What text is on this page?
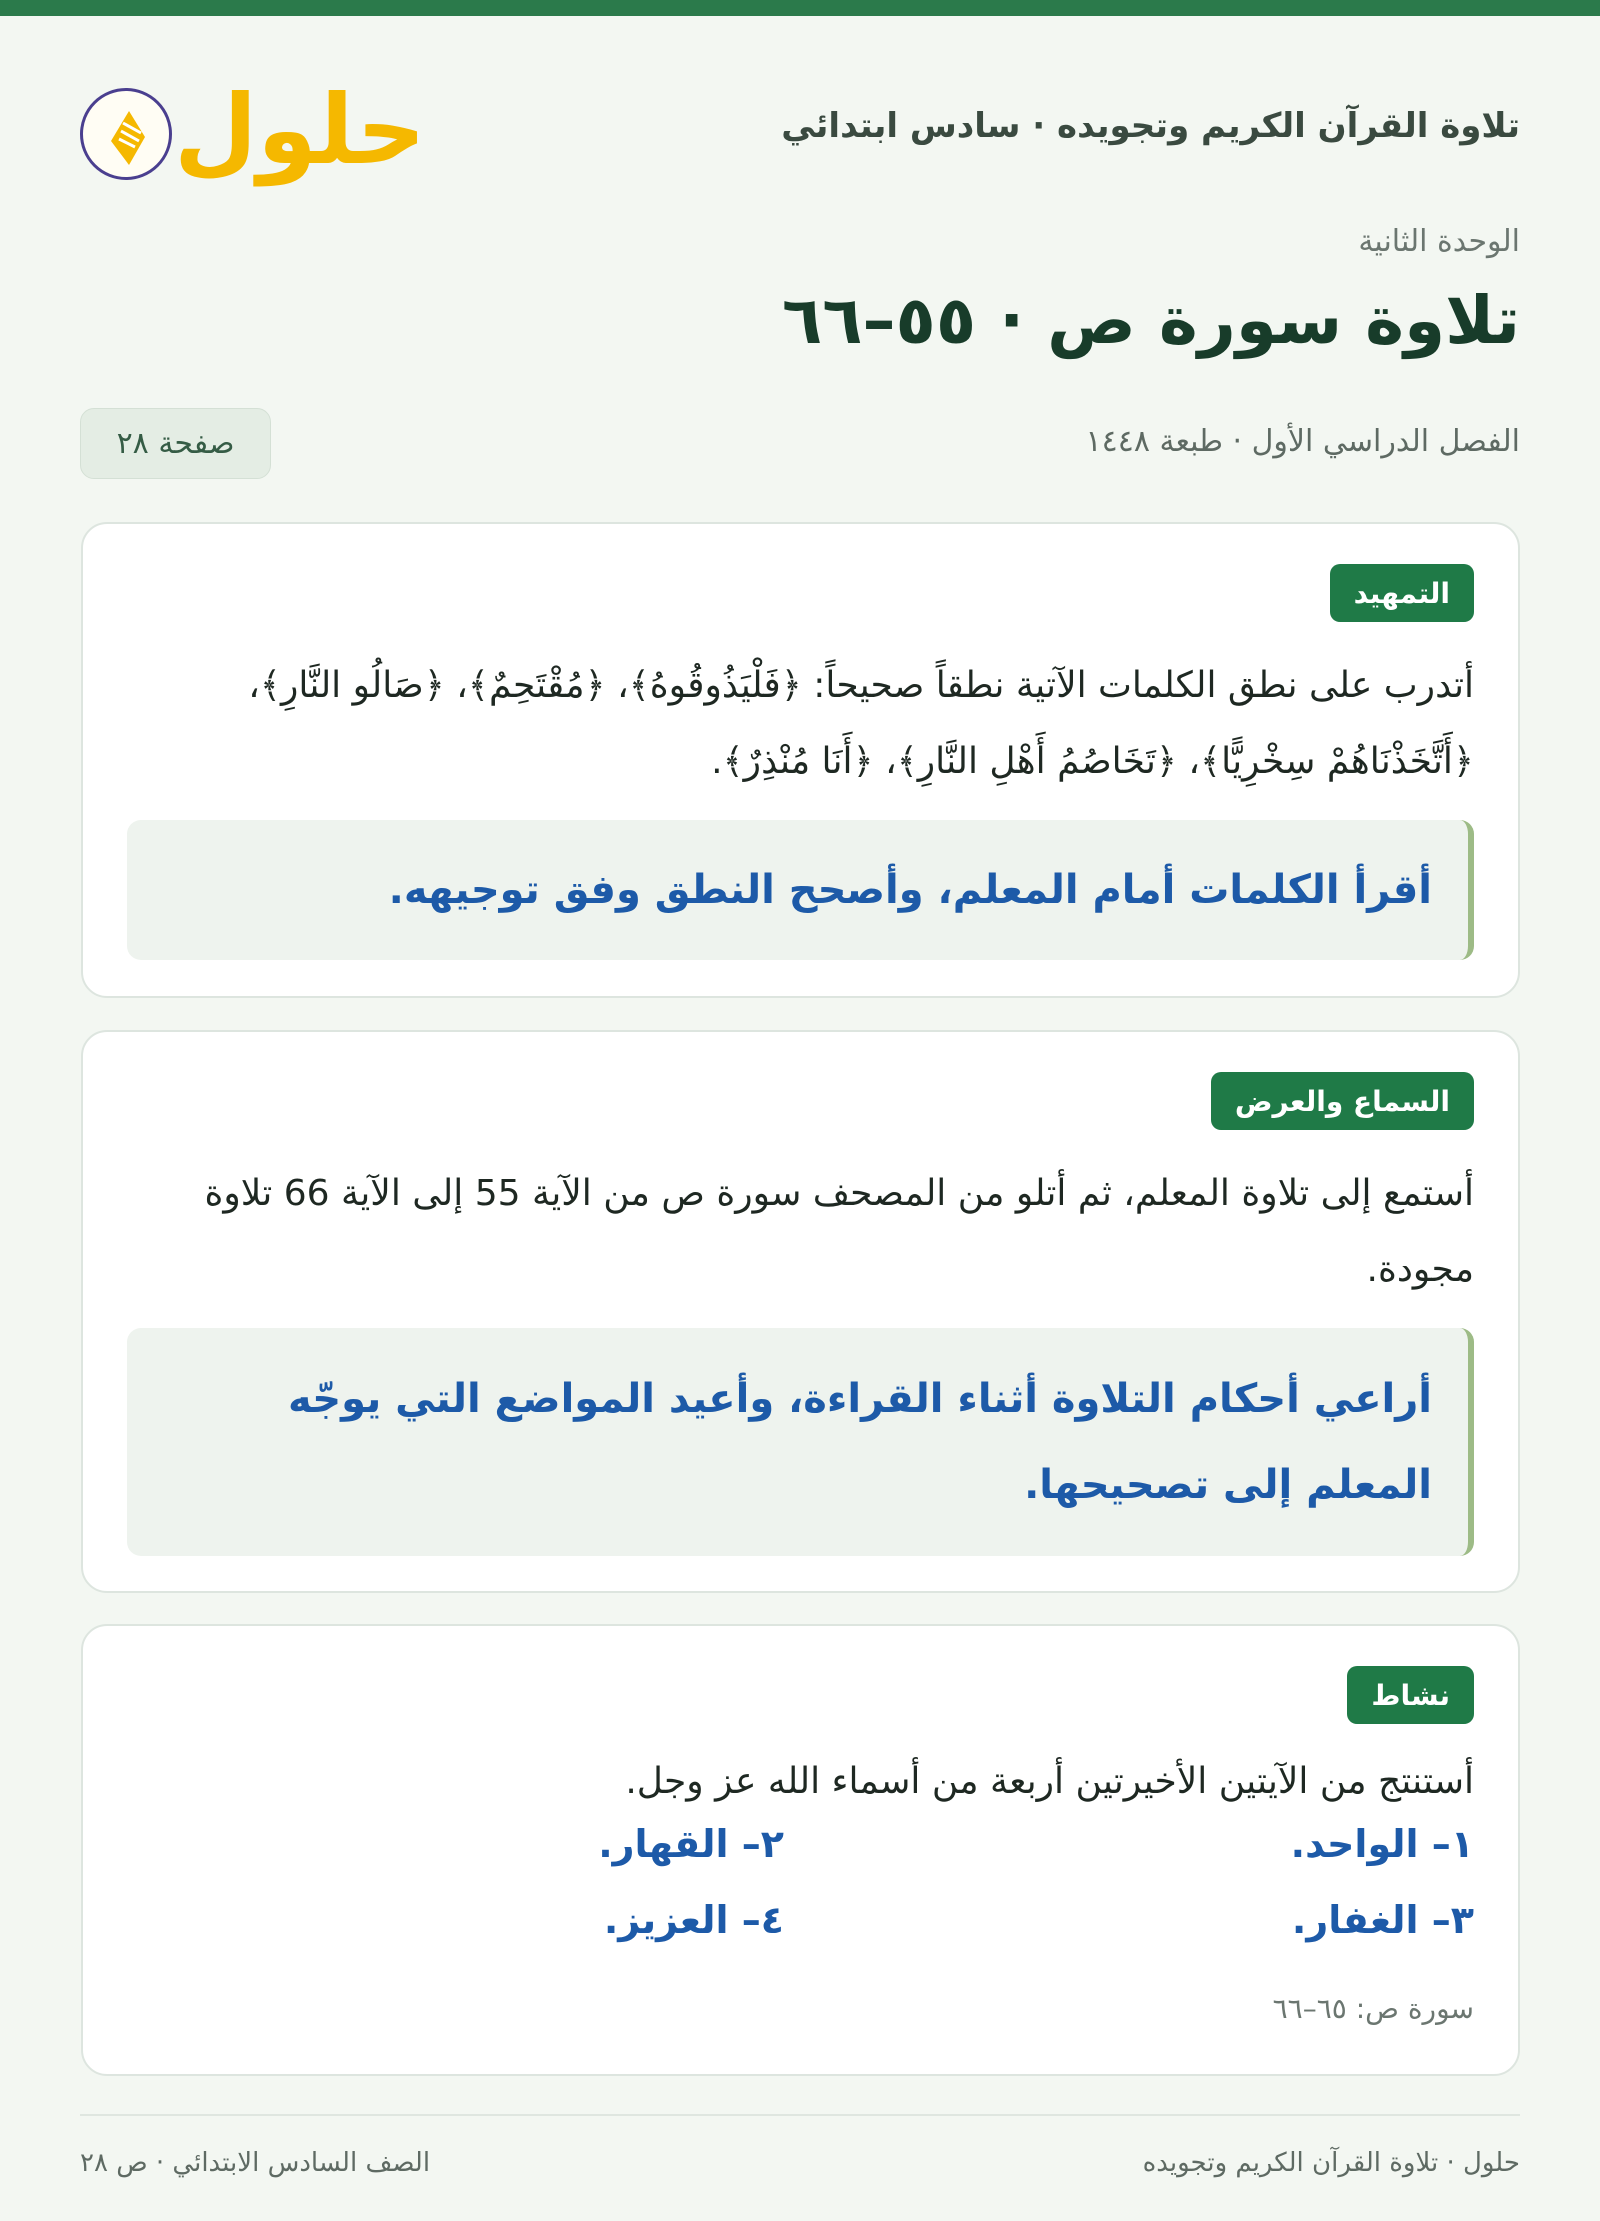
تلاوة القرآن الكريم وتجويده · سادس ابتدائي
حلول
الوحدة الثانية
تلاوة سورة ص · ٥٥–٦٦
الفصل الدراسي الأول · طبعة ١٤٤٨
صفحة ٢٨
التمهيد

أتدرب على نطق الكلمات الآتية نطقاً صحيحاً: ﴿فَلْيَذُوقُوهُ﴾، ﴿مُقْتَحِمٌ﴾، ﴿صَالُو النَّارِ﴾، ﴿أَتَّخَذْنَاهُمْ سِخْرِيًّا﴾، ﴿تَخَاصُمُ أَهْلِ النَّارِ﴾، ﴿أَنَا مُنْذِرٌ﴾.

أقرأ الكلمات أمام المعلم، وأصحح النطق وفق توجيهه.
السماع والعرض

أستمع إلى تلاوة المعلم، ثم أتلو من المصحف سورة ص من الآية 55 إلى الآية 66 تلاوة مجودة.

أراعي أحكام التلاوة أثناء القراءة، وأعيد المواضع التي يوجّه المعلم إلى تصحيحها.
نشاط

أستنتج من الآيتين الأخيرتين أربعة من أسماء الله عز وجل.

١– الواحد.
٢– القهار.
٣– الغفار.
٤– العزيز.
سورة ص: ٦٥–٦٦
حلول · تلاوة القرآن الكريم وتجويده
الصف السادس الابتدائي · ص ٢٨
